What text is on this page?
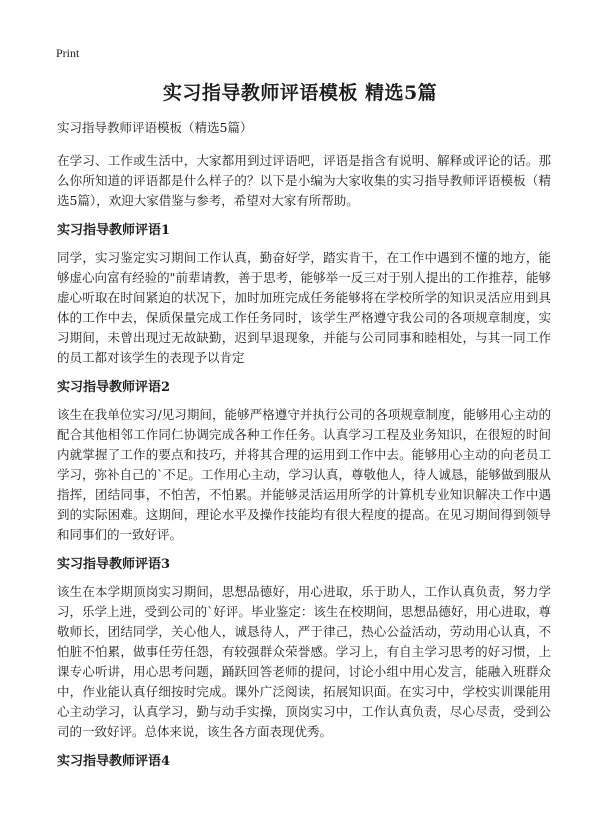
Print
实习指导教师评语模板 精选5篇
实习指导教师评语模板（精选5篇）

在学习、工作或生活中，大家都用到过评语吧，评语是指含有说明、解释或评论的话。那么你所知道的评语都是什么样子的？以下是小编为大家收集的实习指导教师评语模板（精选5篇），欢迎大家借鉴与参考，希望对大家有所帮助。

实习指导教师评语1

同学，实习鉴定实习期间工作认真，勤奋好学，踏实肯干，在工作中遇到不懂的地方，能够虚心向富有经验的"前辈请教，善于思考，能够举一反三对于别人提出的工作推荐，能够虚心听取在时间紧迫的状况下，加时加班完成任务能够将在学校所学的知识灵活应用到具体的工作中去，保质保量完成工作任务同时，该学生严格遵守我公司的各项规章制度，实习期间，未曾出现过无故缺勤，迟到早退现象，并能与公司同事和睦相处，与其一同工作的员工都对该学生的表现予以肯定

实习指导教师评语2

该生在我单位实习/见习期间，能够严格遵守并执行公司的各项规章制度，能够用心主动的配合其他相邻工作同仁协调完成各种工作任务。认真学习工程及业务知识，在很短的时间内就掌握了工作的要点和技巧，并将其合理的运用到工作中去。能够用心主动的向老员工学习，弥补自己的`不足。工作用心主动，学习认真，尊敬他人，待人诚恳，能够做到服从指挥，团结同事，不怕苦，不怕累。并能够灵活运用所学的计算机专业知识解决工作中遇到的实际困难。这期间，理论水平及操作技能均有很大程度的提高。在见习期间得到领导和同事们的一致好评。

实习指导教师评语3

该生在本学期顶岗实习期间，思想品德好，用心进取，乐于助人，工作认真负责，努力学习，乐学上进，受到公司的`好评。毕业鉴定：该生在校期间，思想品德好，用心进取，尊敬师长，团结同学，关心他人，诚恳待人，严于律己，热心公益活动，劳动用心认真，不怕脏不怕累，做事任劳任怨，有较强群众荣誉感。学习上，有自主学习思考的好习惯，上课专心听讲，用心思考问题，踊跃回答老师的提问，讨论小组中用心发言，能融入班群众中，作业能认真仔细按时完成。课外广泛阅读，拓展知识面。在实习中，学校实训课能用心主动学习，认真学习，勤与动手实操，顶岗实习中，工作认真负责，尽心尽责，受到公司的一致好评。总体来说，该生各方面表现优秀。

实习指导教师评语4
